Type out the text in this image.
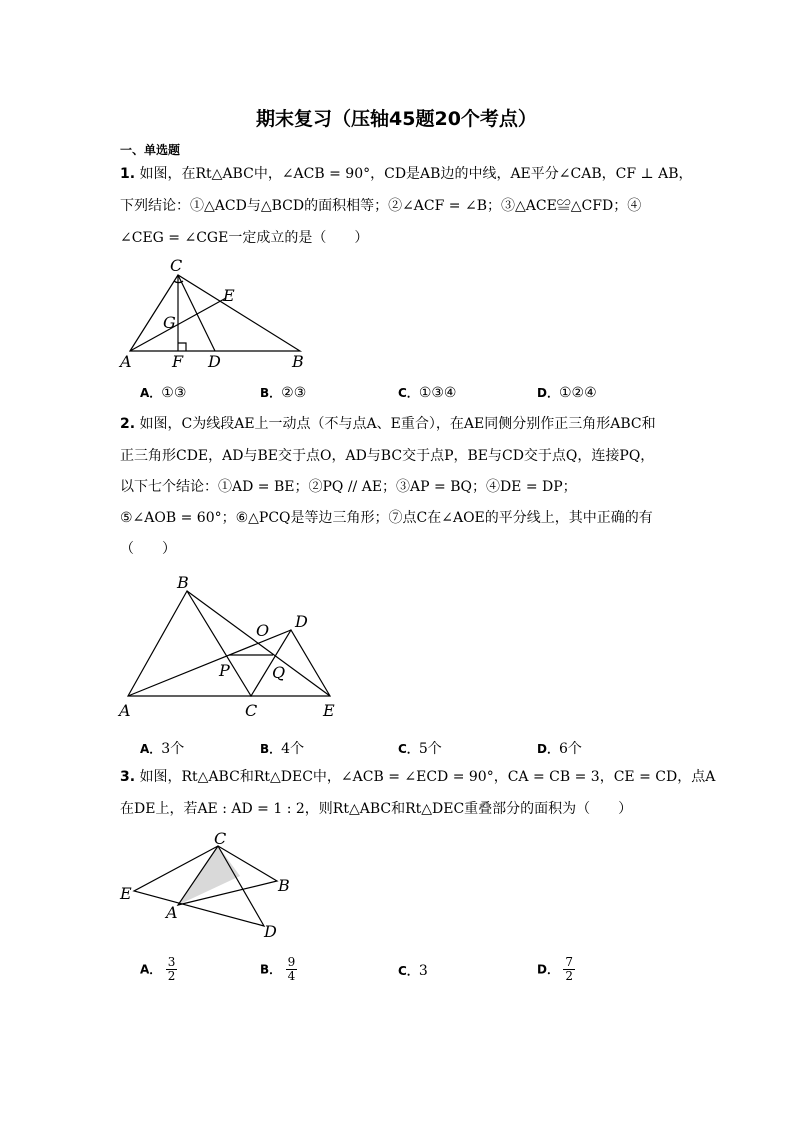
期末复习（压轴45题20个考点）
一、单选题
1. 如图，在Rt△ABC中，∠ACB = 90°，CD是AB边的中线，AE平分∠CAB，CF ⊥ AB，
下列结论：①△ACD与△BCD的面积相等；②∠ACF = ∠B；③△ACE≌△CFD；④
∠CEG = ∠CGE一定成立的是（　　）
C
E
G
A	F D	B
A．①③	B．②③	C．①③④	D．①②④
2. 如图，C为线段AE上一动点（不与点A、E重合），在AE同侧分别作正三角形ABC和
正三角形CDE，AD与BE交于点O，AD与BC交于点P，BE与CD交于点Q，连接PQ，
以下七个结论：①AD = BE；②PQ // AE；③AP = BQ；④DE = DP；
⑤∠AOB = 60°；⑥△PCQ是等边三角形；⑦点C在∠AOE的平分线上，其中正确的有
（　　）
B
O D
P	Q
A	C	E
A．3个	B．4个	C．5个	D．6个
3. 如图，Rt△ABC和Rt△DEC中，∠ACB = ∠ECD = 90°，CA = CB = 3，CE = CD，点A
在DE上，若AE : AD = 1 : 2，则Rt△ABC和Rt△DEC重叠部分的面积为（　　）
C
B
E
A
D
A． $\frac{3}{2}$	B． $\frac{9}{4}$	C．3	D． $\frac{7}{2}$
